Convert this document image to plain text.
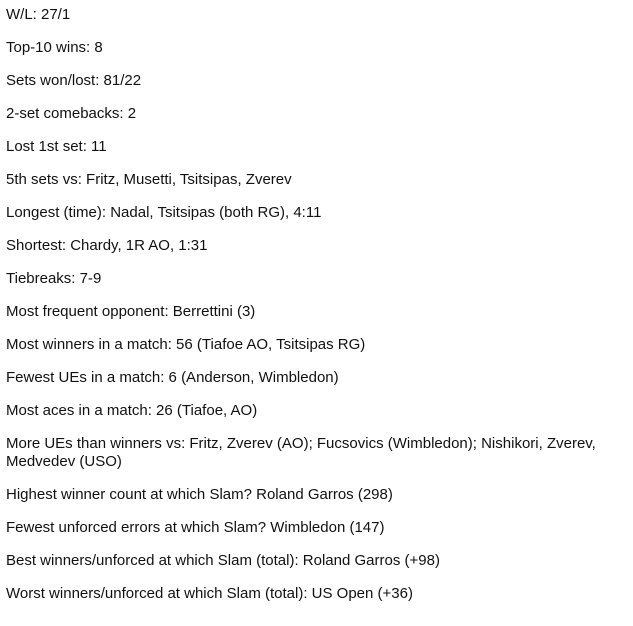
W/L: 27/1

Top-10 wins: 8

Sets won/lost: 81/22

2-set comebacks: 2

Lost 1st set: 11

5th sets vs: Fritz, Musetti, Tsitsipas, Zverev

Longest (time): Nadal, Tsitsipas (both RG), 4:11

Shortest: Chardy, 1R AO, 1:31

Tiebreaks: 7-9

Most frequent opponent: Berrettini (3)

Most winners in a match: 56 (Tiafoe AO, Tsitsipas RG)

Fewest UEs in a match: 6 (Anderson, Wimbledon)

Most aces in a match: 26 (Tiafoe, AO)

More UEs than winners vs: Fritz, Zverev (AO); Fucsovics (Wimbledon); Nishikori, Zverev, Medvedev (USO)

Highest winner count at which Slam? Roland Garros (298)

Fewest unforced errors at which Slam? Wimbledon (147)

Best winners/unforced at which Slam (total): Roland Garros (+98)

Worst winners/unforced at which Slam (total): US Open (+36)
